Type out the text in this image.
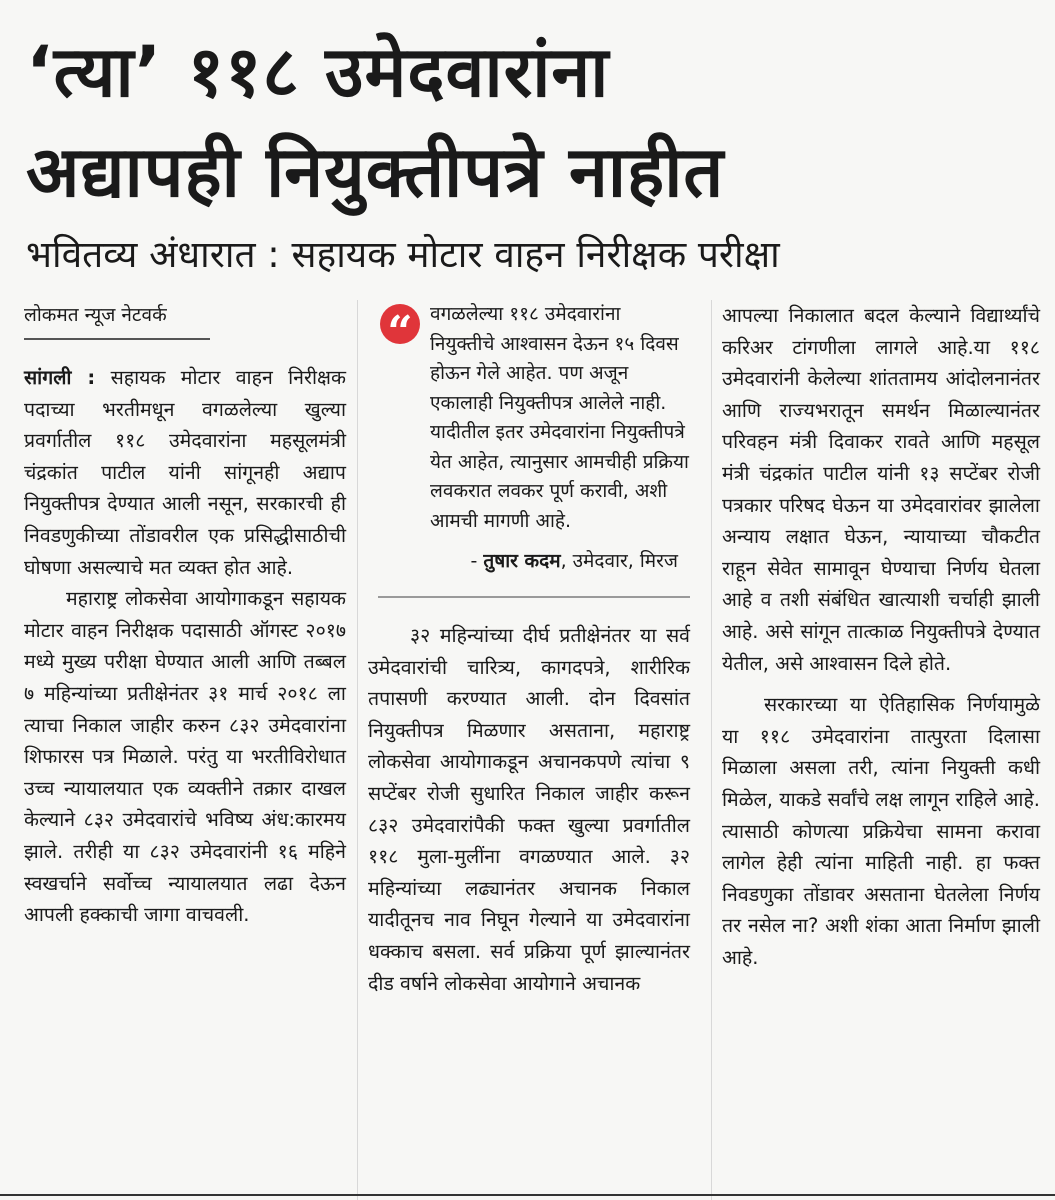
‘त्या’ ११८ उमेदवारांना
अद्यापही नियुक्तीपत्रे नाहीत
भवितव्य अंधारात : सहायक मोटार वाहन निरीक्षक परीक्षा
लोकमत न्यूज नेटवर्क

सांगली : सहायक मोटार वाहन निरीक्षक पदाच्या भरतीमधून वगळलेल्या खुल्या प्रवर्गातील ११८ उमेदवारांना महसूलमंत्री चंद्रकांत पाटील यांनी सांगूनही अद्याप नियुक्तीपत्र देण्यात आली नसून, सरकारची ही निवडणुकीच्या तोंडावरील एक प्रसिद्धीसाठीची घोषणा असल्याचे मत व्यक्त होत आहे.

महाराष्ट्र लोकसेवा आयोगाकडून सहायक मोटार वाहन निरीक्षक पदासाठी ऑगस्ट २०१७ मध्ये मुख्य परीक्षा घेण्यात आली आणि तब्बल ७ महिन्यांच्या प्रतीक्षेनंतर ३१ मार्च २०१८ ला त्याचा निकाल जाहीर करुन ८३२ उमेदवारांना शिफारस पत्र मिळाले. परंतु या भरतीविरोधात उच्च न्यायालयात एक व्यक्तीने तक्रार दाखल केल्याने ८३२ उमेदवारांचे भविष्य अंध:कारमय झाले. तरीही या ८३२ उमेदवारांनी १६ महिने स्वखर्चाने सर्वोच्च न्यायालयात लढा देऊन आपली हक्काची जागा वाचवली.

“ वगळलेल्या ११८ उमेदवारांना नियुक्तीचे आश्वासन देऊन १५ दिवस होऊन गेले आहेत. पण अजून एकालाही नियुक्तीपत्र आलेले नाही. यादीतील इतर उमेदवारांना नियुक्तीपत्रे येत आहेत, त्यानुसार आमचीही प्रक्रिया लवकरात लवकर पूर्ण करावी, अशी आमची मागणी आहे.

- तुषार कदम, उमेदवार, मिरज

३२ महिन्यांच्या दीर्घ प्रतीक्षेनंतर या सर्व उमेदवारांची चारित्र्य, कागदपत्रे, शारीरिक तपासणी करण्यात आली. दोन दिवसांत नियुक्तीपत्र मिळणार असताना, महाराष्ट्र लोकसेवा आयोगाकडून अचानकपणे त्यांचा ९ सप्टेंबर रोजी सुधारित निकाल जाहीर करून ८३२ उमेदवारांपैकी फक्त खुल्या प्रवर्गातील ११८ मुला-मुलींना वगळण्यात आले. ३२ महिन्यांच्या लढ्यानंतर अचानक निकाल यादीतूनच नाव निघून गेल्याने या उमेदवारांना धक्काच बसला. सर्व प्रक्रिया पूर्ण झाल्यानंतर दीड वर्षाने लोकसेवा आयोगाने अचानक

आपल्या निकालात बदल केल्याने विद्यार्थ्यांचे करिअर टांगणीला लागले आहे.या ११८ उमेदवारांनी केलेल्या शांततामय आंदोलनानंतर आणि राज्यभरातून समर्थन मिळाल्यानंतर परिवहन मंत्री दिवाकर रावते आणि महसूल मंत्री चंद्रकांत पाटील यांनी १३ सप्टेंबर रोजी पत्रकार परिषद घेऊन या उमेदवारांवर झालेला अन्याय लक्षात घेऊन, न्यायाच्या चौकटीत राहून सेवेत सामावून घेण्याचा निर्णय घेतला आहे व तशी संबंधित खात्याशी चर्चाही झाली आहे. असे सांगून तात्काळ नियुक्तीपत्रे देण्यात येतील, असे आश्वासन दिले होते.

सरकारच्या या ऐतिहासिक निर्णयामुळे या ११८ उमेदवारांना तात्पुरता दिलासा मिळाला असला तरी, त्यांना नियुक्ती कधी मिळेल, याकडे सर्वांचे लक्ष लागून राहिले आहे. त्यासाठी कोणत्या प्रक्रियेचा सामना करावा लागेल हेही त्यांना माहिती नाही. हा फक्त निवडणुका तोंडावर असताना घेतलेला निर्णय तर नसेल ना? अशी शंका आता निर्माण झाली आहे.
